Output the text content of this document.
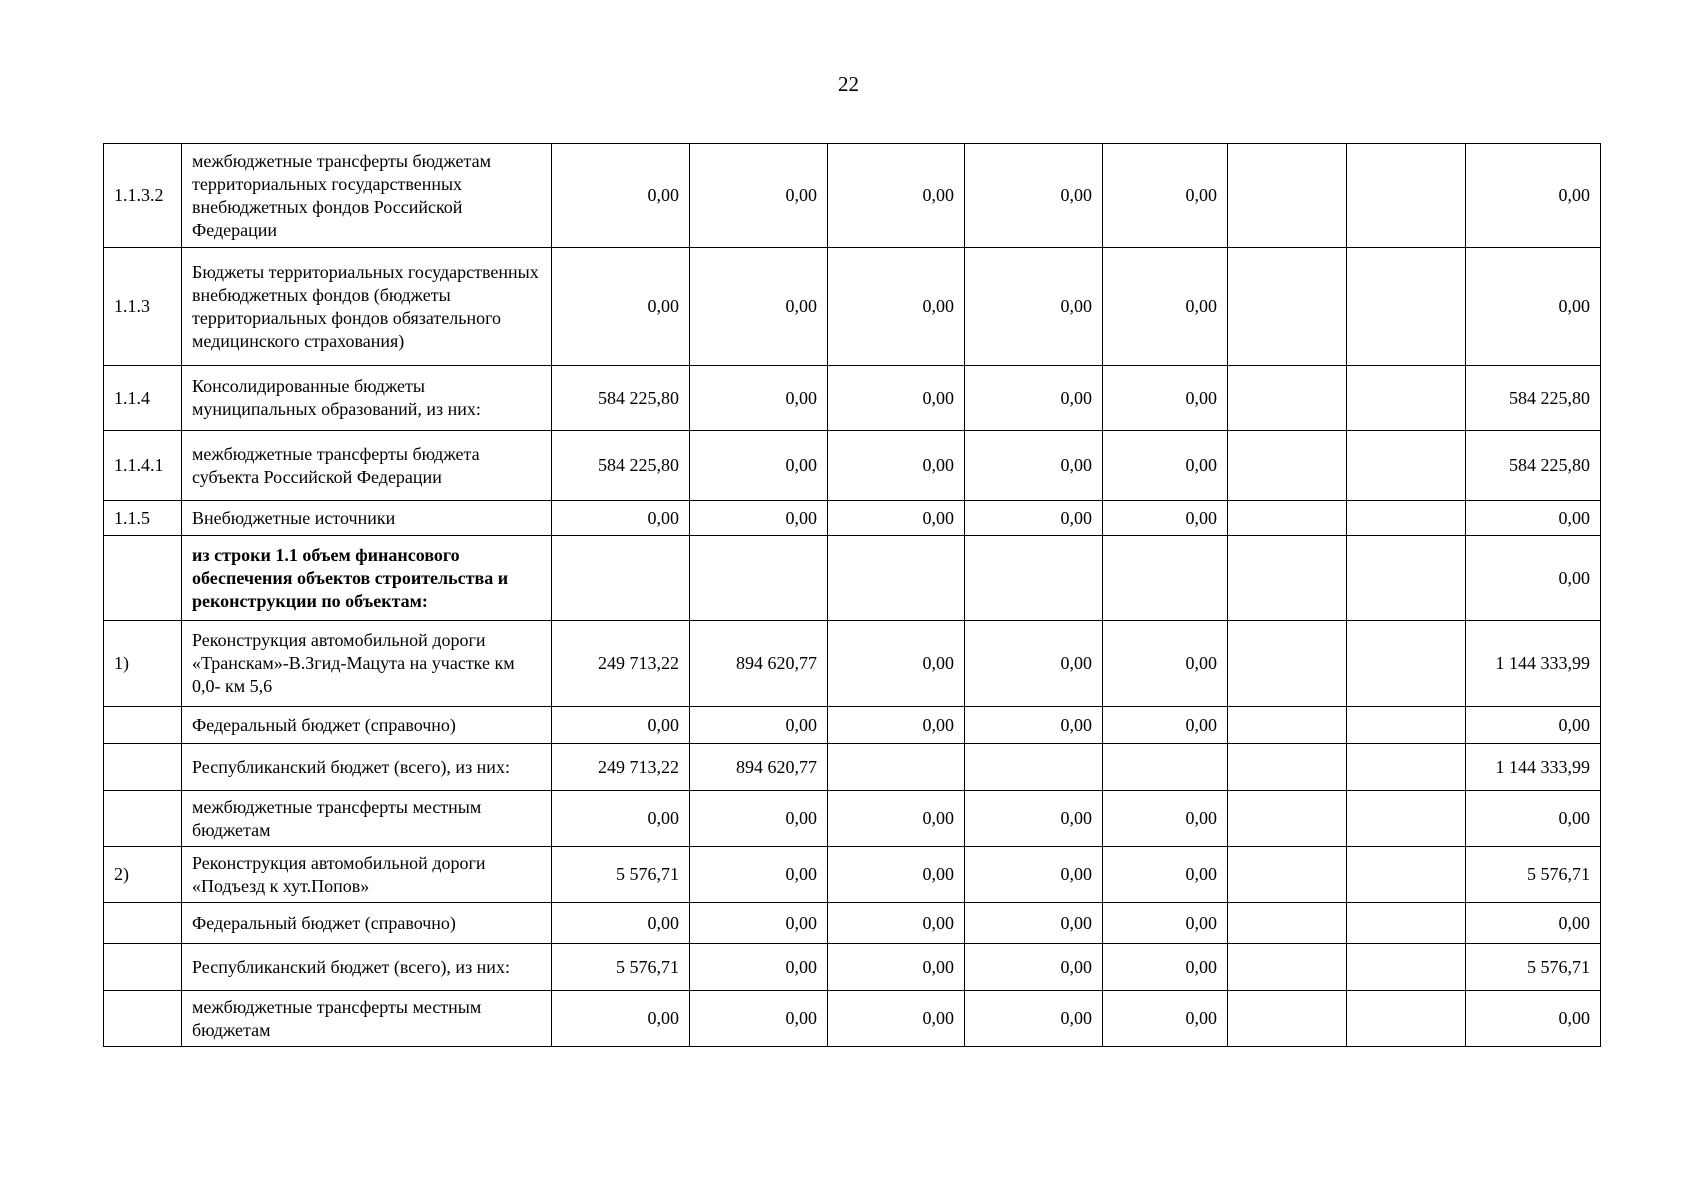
22
1.1.3.2	межбюджетные трансферты бюджетам территориальных государственных внебюджетных фондов Российской Федерации	0,00	0,00	0,00	0,00	0,00			0,00
1.1.3	Бюджеты территориальных государственных внебюджетных фондов (бюджеты территориальных фондов обязательного медицинского страхования)	0,00	0,00	0,00	0,00	0,00			0,00
1.1.4	Консолидированные бюджеты муниципальных образований, из них:	584 225,80	0,00	0,00	0,00	0,00			584 225,80
1.1.4.1	межбюджетные трансферты бюджета субъекта Российской Федерации	584 225,80	0,00	0,00	0,00	0,00			584 225,80
1.1.5	Внебюджетные источники	0,00	0,00	0,00	0,00	0,00			0,00
	из строки 1.1 объем финансового обеспечения объектов строительства и реконструкции по объектам:								0,00
1)	Реконструкция автомобильной дороги «Транскам»-В.Згид-Мацута на участке км 0,0- км 5,6	249 713,22	894 620,77	0,00	0,00	0,00			1 144 333,99
	Федеральный бюджет (справочно)	0,00	0,00	0,00	0,00	0,00			0,00
	Республиканский бюджет (всего), из них:	249 713,22	894 620,77						1 144 333,99
	межбюджетные трансферты местным бюджетам	0,00	0,00	0,00	0,00	0,00			0,00
2)	Реконструкция автомобильной дороги «Подъезд к хут.Попов»	5 576,71	0,00	0,00	0,00	0,00			5 576,71
	Федеральный бюджет (справочно)	0,00	0,00	0,00	0,00	0,00			0,00
	Республиканский бюджет (всего), из них:	5 576,71	0,00	0,00	0,00	0,00			5 576,71
	межбюджетные трансферты местным бюджетам	0,00	0,00	0,00	0,00	0,00			0,00
